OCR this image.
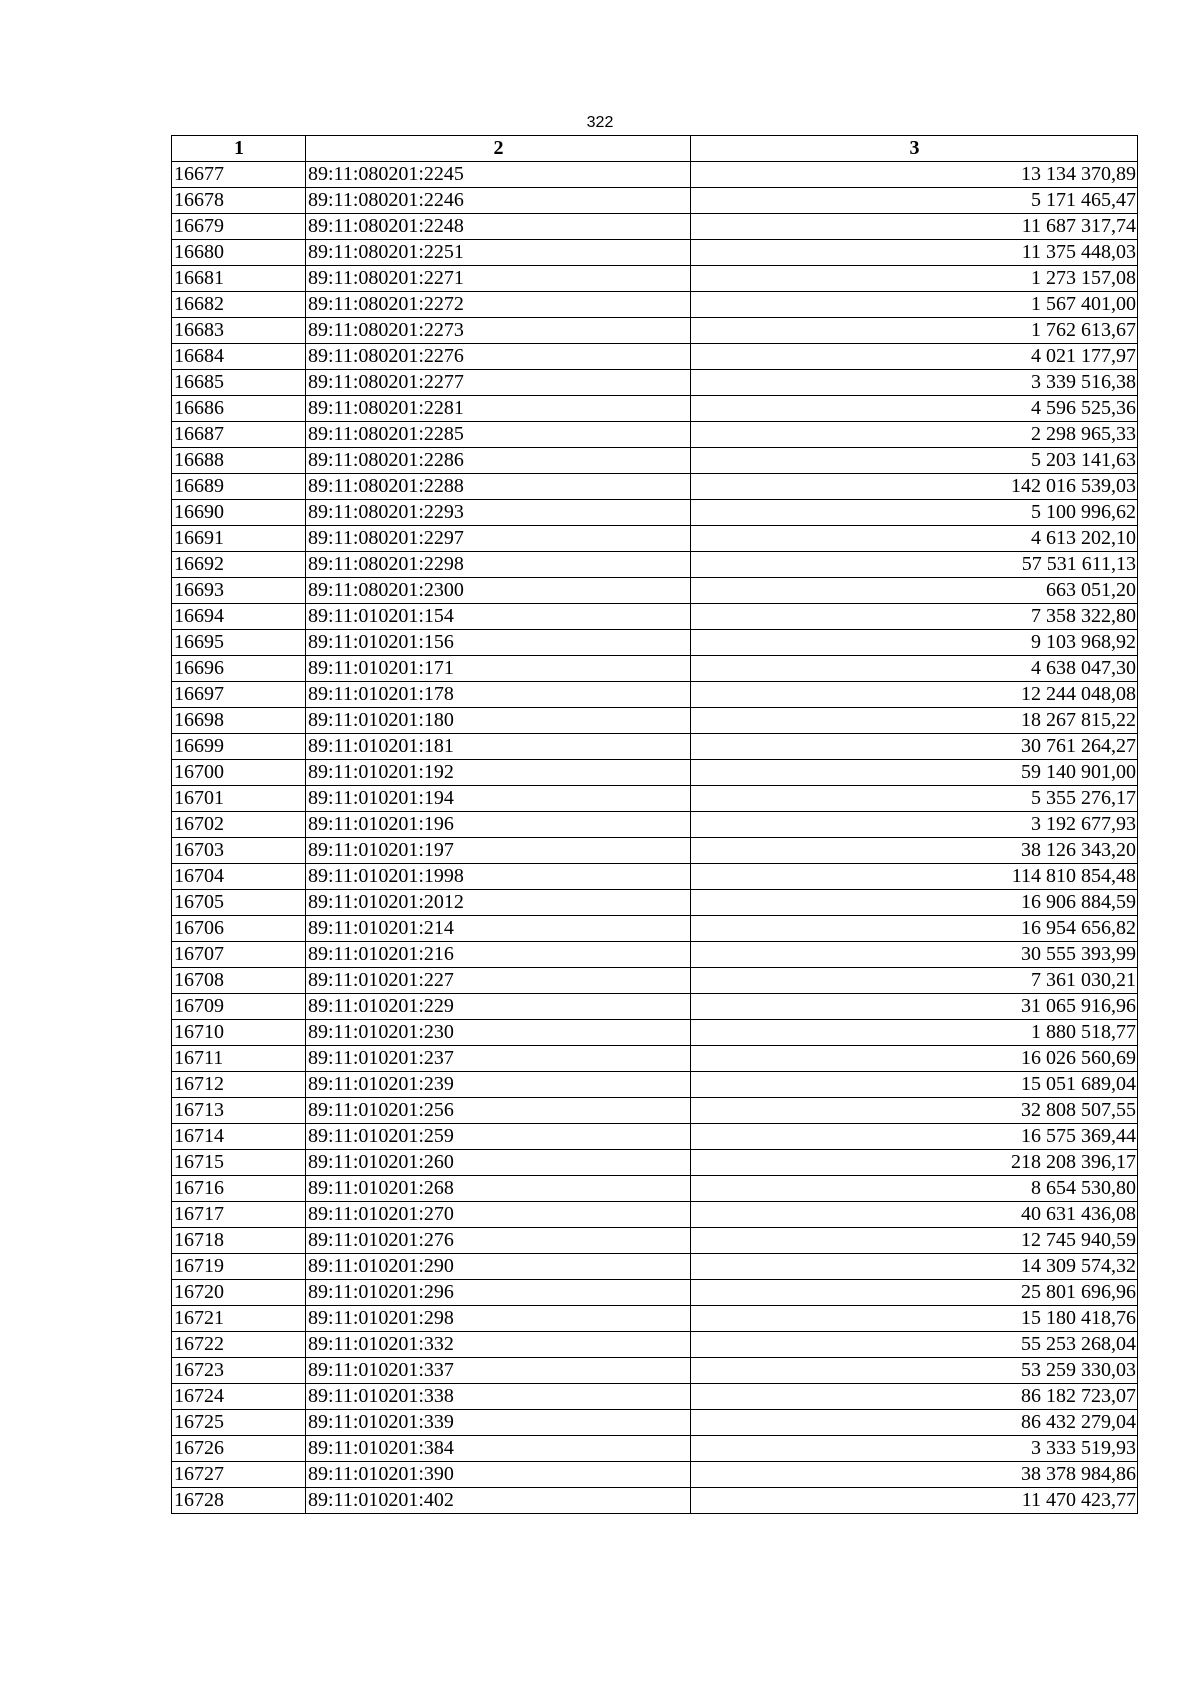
322
1	2	3
16677	89:11:080201:2245	13 134 370,89
16678	89:11:080201:2246	5 171 465,47
16679	89:11:080201:2248	11 687 317,74
16680	89:11:080201:2251	11 375 448,03
16681	89:11:080201:2271	1 273 157,08
16682	89:11:080201:2272	1 567 401,00
16683	89:11:080201:2273	1 762 613,67
16684	89:11:080201:2276	4 021 177,97
16685	89:11:080201:2277	3 339 516,38
16686	89:11:080201:2281	4 596 525,36
16687	89:11:080201:2285	2 298 965,33
16688	89:11:080201:2286	5 203 141,63
16689	89:11:080201:2288	142 016 539,03
16690	89:11:080201:2293	5 100 996,62
16691	89:11:080201:2297	4 613 202,10
16692	89:11:080201:2298	57 531 611,13
16693	89:11:080201:2300	663 051,20
16694	89:11:010201:154	7 358 322,80
16695	89:11:010201:156	9 103 968,92
16696	89:11:010201:171	4 638 047,30
16697	89:11:010201:178	12 244 048,08
16698	89:11:010201:180	18 267 815,22
16699	89:11:010201:181	30 761 264,27
16700	89:11:010201:192	59 140 901,00
16701	89:11:010201:194	5 355 276,17
16702	89:11:010201:196	3 192 677,93
16703	89:11:010201:197	38 126 343,20
16704	89:11:010201:1998	114 810 854,48
16705	89:11:010201:2012	16 906 884,59
16706	89:11:010201:214	16 954 656,82
16707	89:11:010201:216	30 555 393,99
16708	89:11:010201:227	7 361 030,21
16709	89:11:010201:229	31 065 916,96
16710	89:11:010201:230	1 880 518,77
16711	89:11:010201:237	16 026 560,69
16712	89:11:010201:239	15 051 689,04
16713	89:11:010201:256	32 808 507,55
16714	89:11:010201:259	16 575 369,44
16715	89:11:010201:260	218 208 396,17
16716	89:11:010201:268	8 654 530,80
16717	89:11:010201:270	40 631 436,08
16718	89:11:010201:276	12 745 940,59
16719	89:11:010201:290	14 309 574,32
16720	89:11:010201:296	25 801 696,96
16721	89:11:010201:298	15 180 418,76
16722	89:11:010201:332	55 253 268,04
16723	89:11:010201:337	53 259 330,03
16724	89:11:010201:338	86 182 723,07
16725	89:11:010201:339	86 432 279,04
16726	89:11:010201:384	3 333 519,93
16727	89:11:010201:390	38 378 984,86
16728	89:11:010201:402	11 470 423,77
